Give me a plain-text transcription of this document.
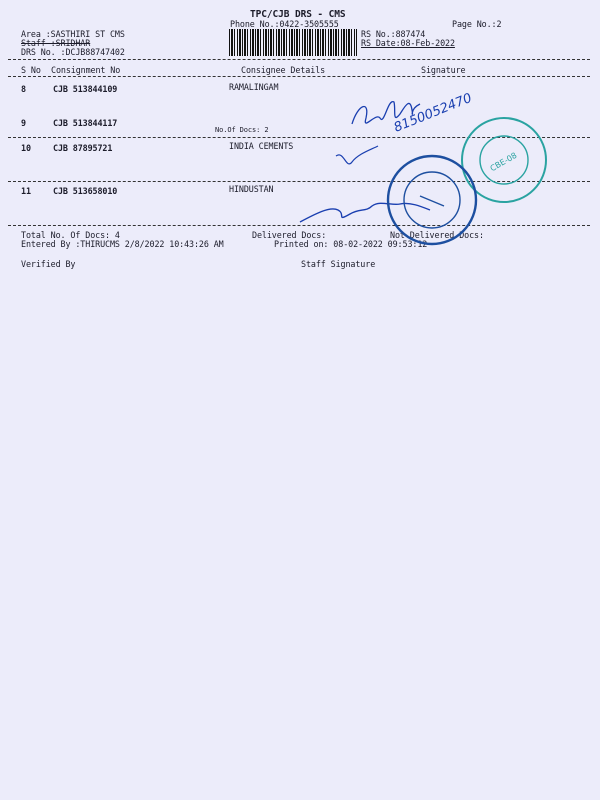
TPC/CJB DRS - CMS
Phone No.:0422-3505555	Page No.:2
Area :SASTHIRI ST CMS
Staff :SRIDHAR
DRS No. :DCJB88747402
RS No.:887474
RS Date:08-Feb-2022
S No Consignment No	Consignee Details	Signature
8	CJB 513844109	RAMALINGAM
9	CJB 513844117
No.Of Docs: 2
10	CJB 87895721	INDIA CEMENTS
11	CJB 513658010	HINDUSTAN
Total No. Of Docs: 4	Delivered Docs:	Not Delivered Docs:
Entered By :THIRUCMS 2/8/2022 10:43:26 AM	Printed on: 08-02-2022 09:53:12
Verified By	Staff Signature
8150052470
CBE-08
